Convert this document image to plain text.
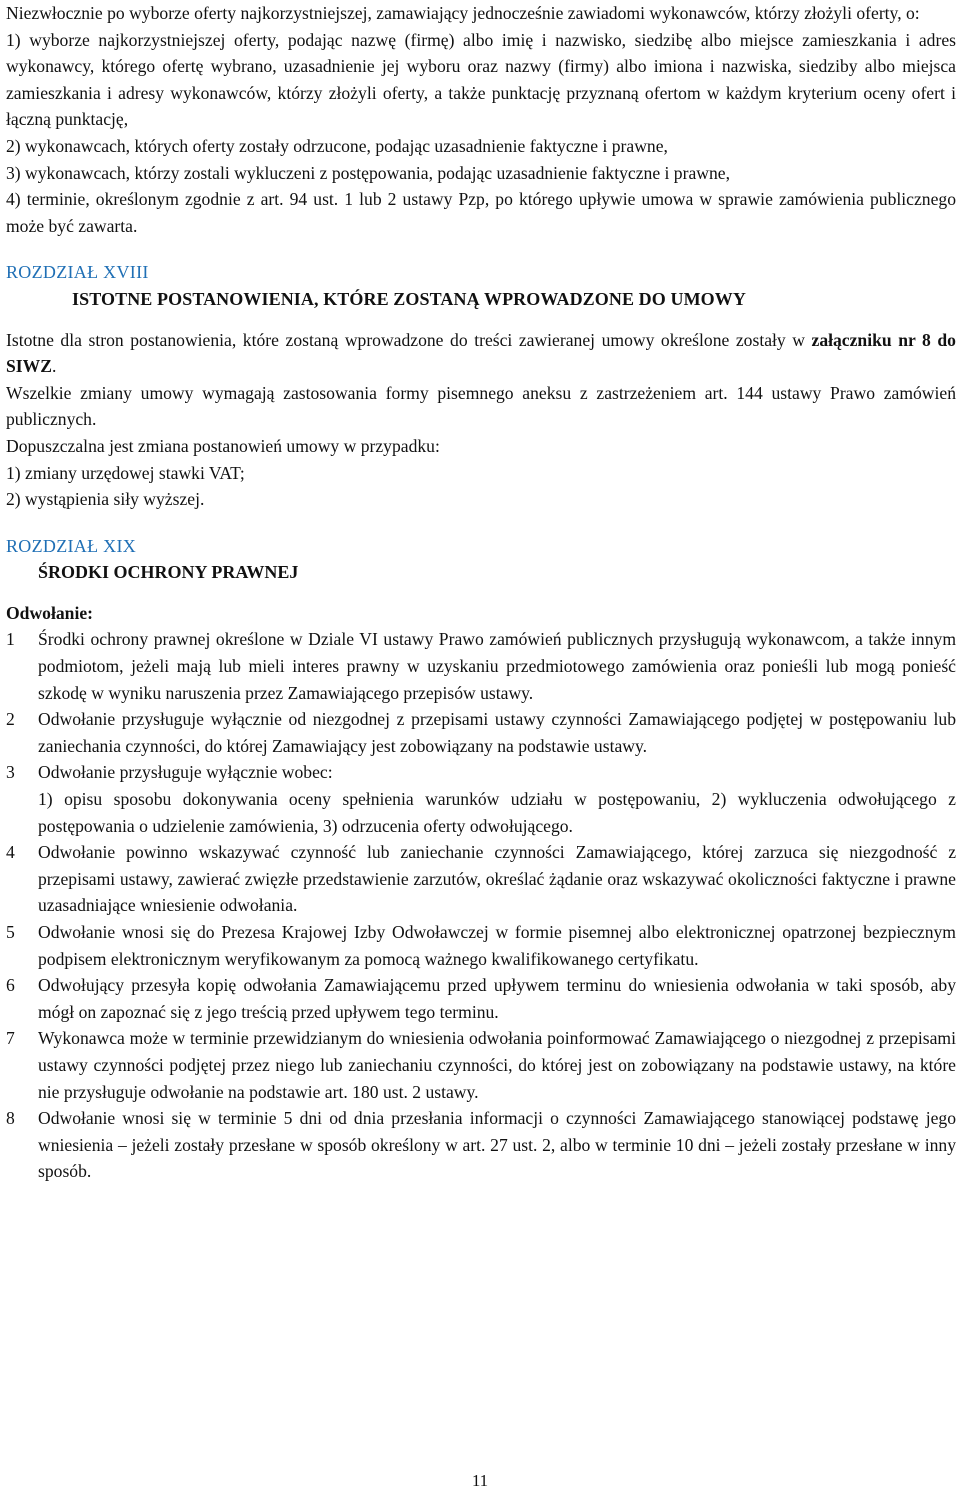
Niezwłocznie po wyborze oferty najkorzystniejszej, zamawiający jednocześnie zawiadomi wykonawców, którzy złożyli oferty, o:

1) wyborze najkorzystniejszej oferty, podając nazwę (firmę) albo imię i nazwisko, siedzibę albo miejsce zamieszkania i adres wykonawcy, którego ofertę wybrano, uzasadnienie jej wyboru oraz nazwy (firmy) albo imiona i nazwiska, siedziby albo miejsca zamieszkania i adresy wykonawców, którzy złożyli oferty, a także punktację przyznaną ofertom w każdym kryterium oceny ofert i łączną punktację,

2) wykonawcach, których oferty zostały odrzucone, podając uzasadnienie faktyczne i prawne,

3) wykonawcach, którzy zostali wykluczeni z postępowania, podając uzasadnienie faktyczne i prawne,

4) terminie, określonym zgodnie z art. 94 ust. 1 lub 2 ustawy Pzp, po którego upływie umowa w sprawie zamówienia publicznego może być zawarta.

ROZDZIAŁ XVIII
ISTOTNE POSTANOWIENIA, KTÓRE ZOSTANĄ WPROWADZONE DO UMOWY

Istotne dla stron postanowienia, które zostaną wprowadzone do treści zawieranej umowy określone zostały w załączniku nr 8 do SIWZ.

Wszelkie zmiany umowy wymagają zastosowania formy pisemnego aneksu z zastrzeżeniem art. 144 ustawy Prawo zamówień publicznych.

Dopuszczalna jest zmiana postanowień umowy w przypadku:

1) zmiany urzędowej stawki VAT;

2) wystąpienia siły wyższej.

ROZDZIAŁ XIX
ŚRODKI OCHRONY PRAWNEJ
Odwołanie:
1 Środki ochrony prawnej określone w Dziale VI ustawy Prawo zamówień publicznych przysługują wykonawcom, a także innym podmiotom, jeżeli mają lub mieli interes prawny w uzyskaniu przedmiotowego zamówienia oraz ponieśli lub mogą ponieść szkodę w wyniku naruszenia przez Zamawiającego przepisów ustawy.
2 Odwołanie przysługuje wyłącznie od niezgodnej z przepisami ustawy czynności Zamawiającego podjętej w postępowaniu lub zaniechania czynności, do której Zamawiający jest zobowiązany na podstawie ustawy.
3 Odwołanie przysługuje wyłącznie wobec:
1) opisu sposobu dokonywania oceny spełnienia warunków udziału w postępowaniu, 2) wykluczenia odwołującego z postępowania o udzielenie zamówienia, 3) odrzucenia oferty odwołującego.
4 Odwołanie powinno wskazywać czynność lub zaniechanie czynności Zamawiającego, której zarzuca się niezgodność z przepisami ustawy, zawierać zwięzłe przedstawienie zarzutów, określać żądanie oraz wskazywać okoliczności faktyczne i prawne uzasadniające wniesienie odwołania.
5 Odwołanie wnosi się do Prezesa Krajowej Izby Odwoławczej w formie pisemnej albo elektronicznej opatrzonej bezpiecznym podpisem elektronicznym weryfikowanym za pomocą ważnego kwalifikowanego certyfikatu.
6 Odwołujący przesyła kopię odwołania Zamawiającemu przed upływem terminu do wniesienia odwołania w taki sposób, aby mógł on zapoznać się z jego treścią przed upływem tego terminu.
7 Wykonawca może w terminie przewidzianym do wniesienia odwołania poinformować Zamawiającego o niezgodnej z przepisami ustawy czynności podjętej przez niego lub zaniechaniu czynności, do której jest on zobowiązany na podstawie ustawy, na które nie przysługuje odwołanie na podstawie art. 180 ust. 2 ustawy.
8 Odwołanie wnosi się w terminie 5 dni od dnia przesłania informacji o czynności Zamawiającego stanowiącej podstawę jego wniesienia – jeżeli zostały przesłane w sposób określony w art. 27 ust. 2, albo w terminie 10 dni – jeżeli zostały przesłane w inny sposób.
11
